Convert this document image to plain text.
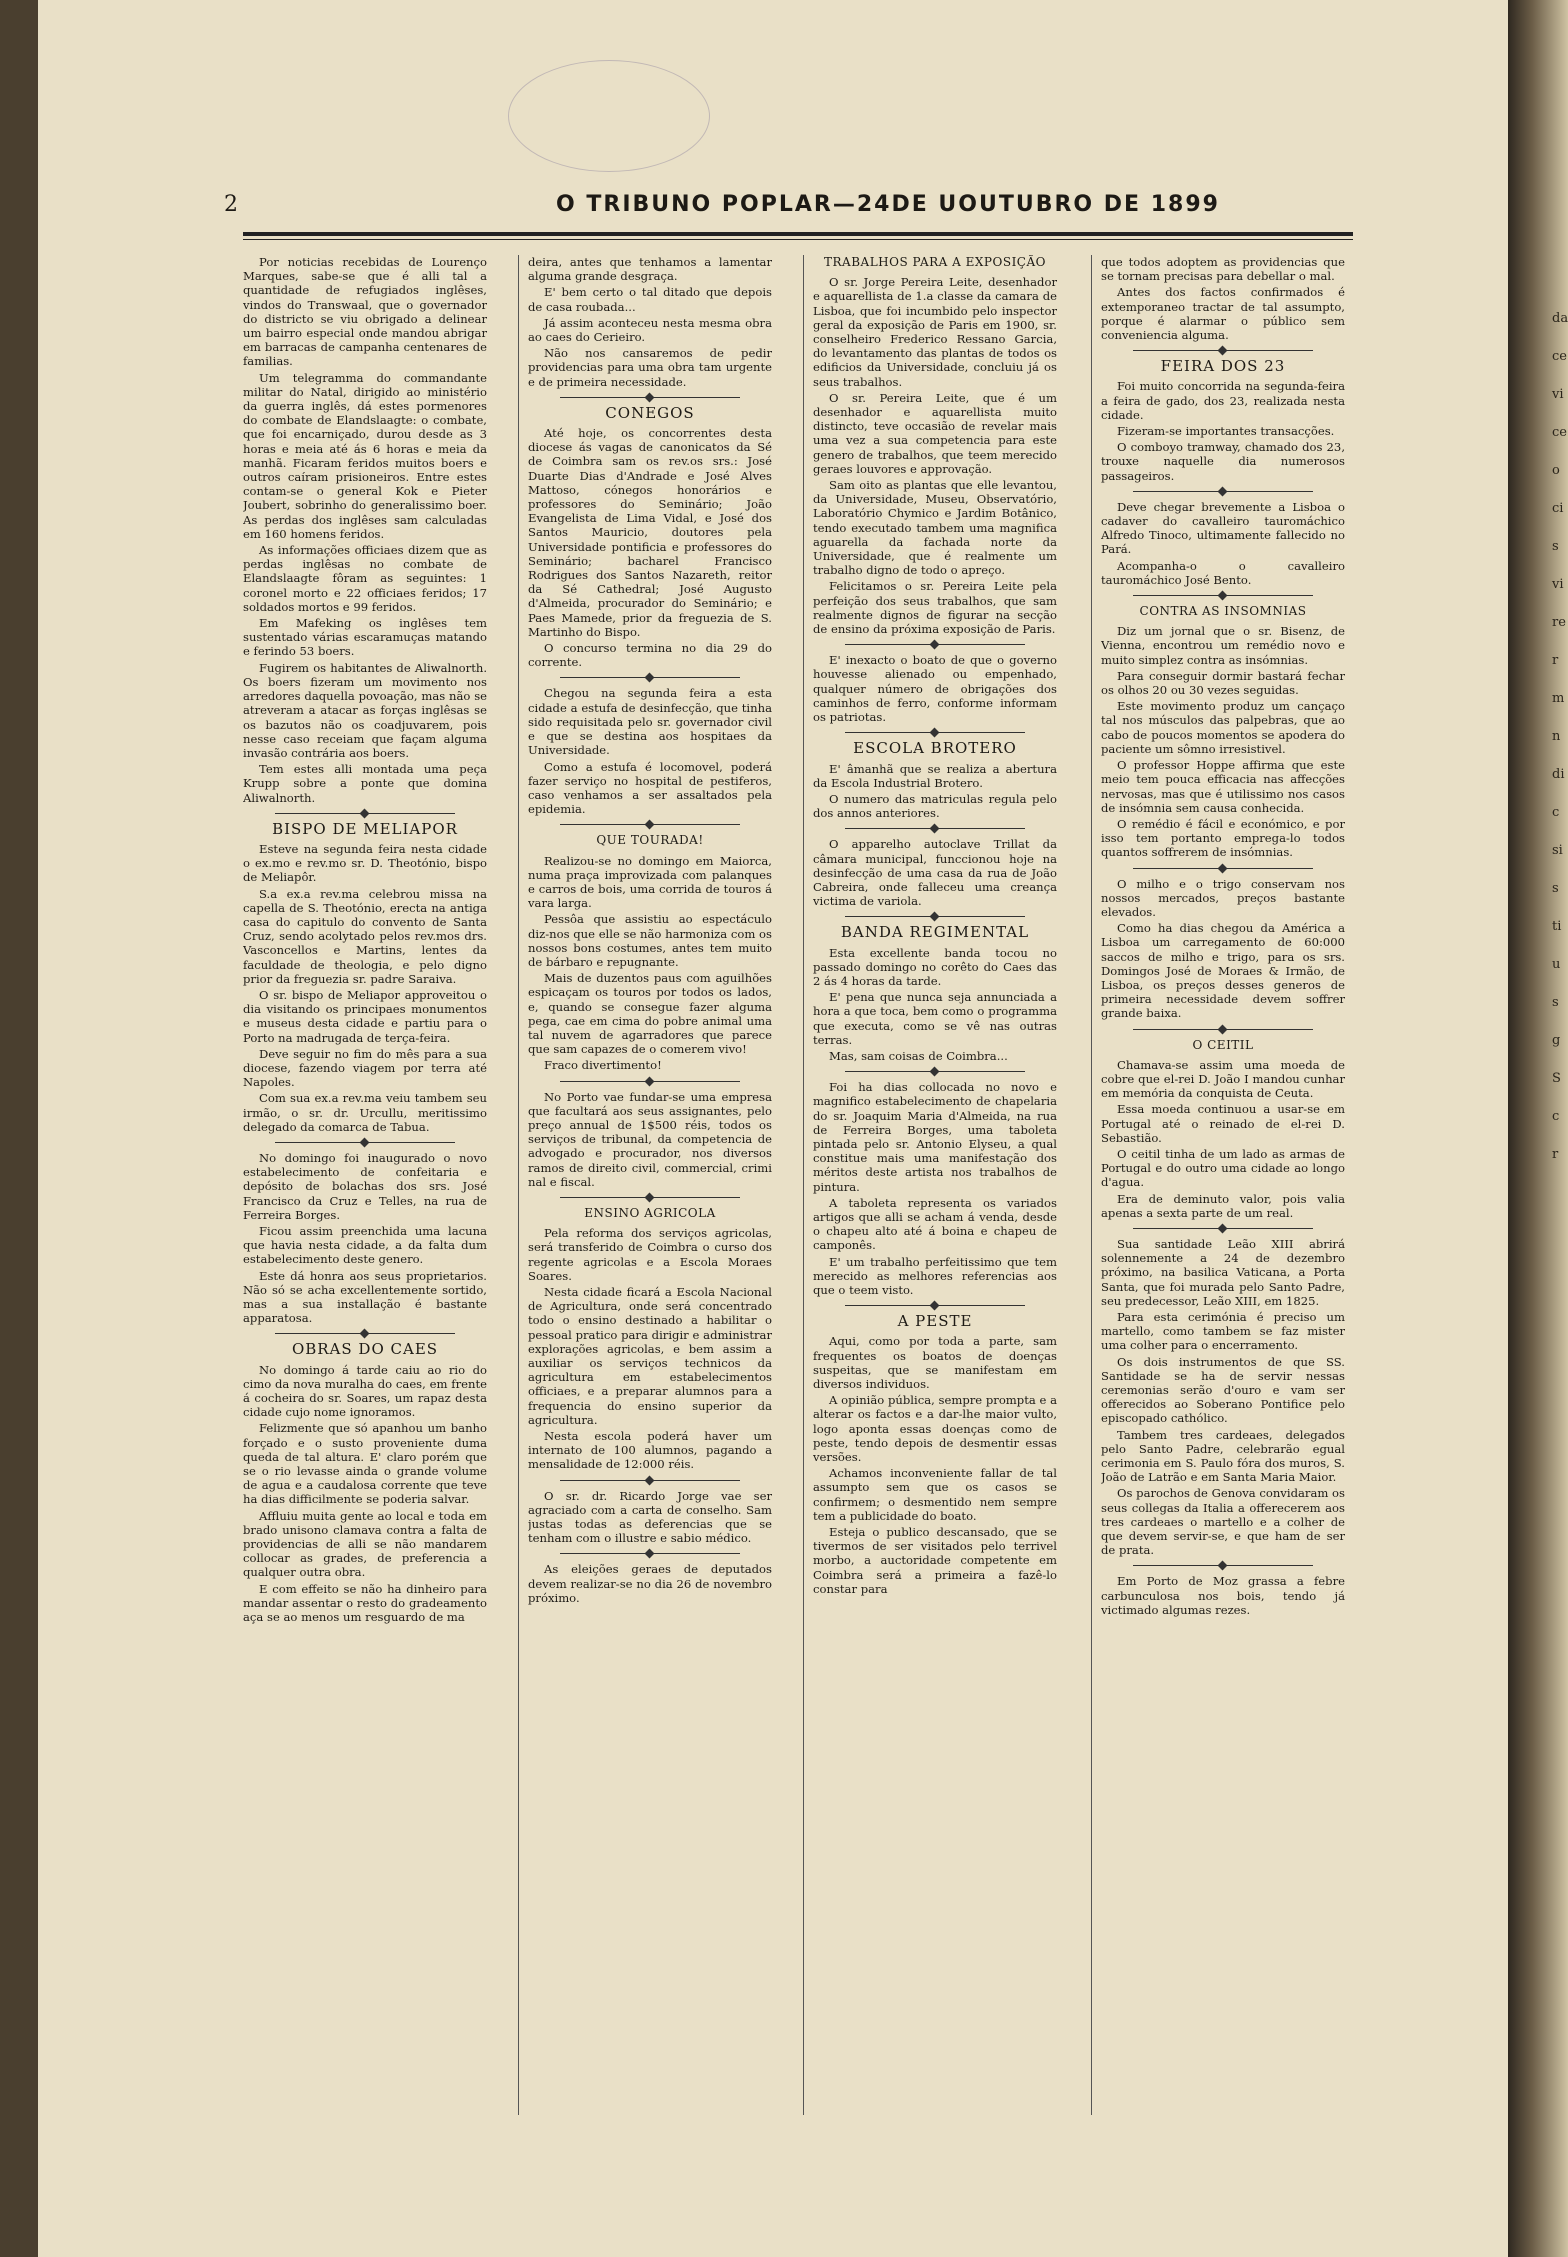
2	O TRIBUNO POPLAR—24DE UOUTUBRO DE 1899

Por noticias recebidas de Lourenço Marques, sabe-se que é alli tal a quantidade de refugiados inglêses, vindos do Transwaal, que o governador do districto se viu obrigado a delinear um bairro especial onde mandou abrigar em barracas de campanha centenares de familias.

Um telegramma do commandante militar do Natal, dirigido ao ministério da guerra inglês, dá estes pormenores do combate de Elandslaagte: o combate, que foi encarniçado, durou desde as 3 horas e meia até ás 6 horas e meia da manhã. Ficaram feridos muitos boers e outros caíram prisioneiros. Entre estes contam-se o general Kok e Pieter Joubert, sobrinho do generalissimo boer. As perdas dos inglêses sam calculadas em 160 homens feridos.

As informações officiaes dizem que as perdas inglêsas no combate de Elandslaagte fôram as seguintes: 1 coronel morto e 22 officiaes feridos; 17 soldados mortos e 99 feridos.

Em Mafeking os inglêses tem sustentado várias escaramuças matando e ferindo 53 boers.

Fugirem os habitantes de Aliwalnorth. Os boers fizeram um movimento nos arredores daquella povoação, mas não se atreveram a atacar as forças inglêsas se os bazutos não os coadjuvarem, pois nesse caso receiam que façam alguma invasão contrária aos boers.

Tem estes alli montada uma peça Krupp sobre a ponte que domina Aliwalnorth.

BISPO DE MELIAPOR

Esteve na segunda feira nesta cidade o ex.mo e rev.mo sr. D. Theotónio, bispo de Meliapôr.

S.a ex.a rev.ma celebrou missa na capella de S. Theotónio, erecta na antiga casa do capitulo do convento de Santa Cruz, sendo acolytado pelos rev.mos drs. Vasconcellos e Martins, lentes da faculdade de theologia, e pelo digno prior da freguezia sr. padre Saraiva.

O sr. bispo de Meliapor approveitou o dia visitando os principaes monumentos e museus desta cidade e partiu para o Porto na madrugada de terça-feira.

Deve seguir no fim do mês para a sua diocese, fazendo viagem por terra até Napoles.

Com sua ex.a rev.ma veiu tambem seu irmão, o sr. dr. Urcullu, meritissimo delegado da comarca de Tabua.

No domingo foi inaugurado o novo estabelecimento de confeitaria e depósito de bolachas dos srs. José Francisco da Cruz e Telles, na rua de Ferreira Borges.

Ficou assim preenchida uma lacuna que havia nesta cidade, a da falta dum estabelecimento deste genero.

Este dá honra aos seus proprietarios. Não só se acha excellentemente sortido, mas a sua installação é bastante apparatosa.

OBRAS DO CAES

No domingo á tarde caiu ao rio do cimo da nova muralha do caes, em frente á cocheira do sr. Soares, um rapaz desta cidade cujo nome ignoramos.

Felizmente que só apanhou um banho forçado e o susto proveniente duma queda de tal altura. E' claro porém que se o rio levasse ainda o grande volume de agua e a caudalosa corrente que teve ha dias difficilmente se poderia salvar.

Affluiu muita gente ao local e toda em brado unisono clamava contra a falta de providencias de alli se não mandarem collocar as grades, de preferencia a qualquer outra obra.

E com effeito se não ha dinheiro para mandar assentar o resto do gradeamento aça se ao menos um resguardo de ma

deira, antes que tenhamos a lamentar alguma grande desgraça.

E' bem certo o tal ditado que depois de casa roubada...

Já assim aconteceu nesta mesma obra ao caes do Cerieiro.

Não nos cansaremos de pedir providencias para uma obra tam urgente e de primeira necessidade.

CONEGOS

Até hoje, os concorrentes desta diocese ás vagas de canonicatos da Sé de Coimbra sam os rev.os srs.: José Duarte Dias d'Andrade e José Alves Mattoso, cónegos honorários e professores do Seminário; João Evangelista de Lima Vidal, e José dos Santos Mauricio, doutores pela Universidade pontificia e professores do Seminário; bacharel Francisco Rodrigues dos Santos Nazareth, reitor da Sé Cathedral; José Augusto d'Almeida, procurador do Seminário; e Paes Mamede, prior da freguezia de S. Martinho do Bispo.

O concurso termina no dia 29 do corrente.

Chegou na segunda feira a esta cidade a estufa de desinfecção, que tinha sido requisitada pelo sr. governador civil e que se destina aos hospitaes da Universidade.

Como a estufa é locomovel, poderá fazer serviço no hospital de pestiferos, caso venhamos a ser assaltados pela epidemia.

QUE TOURADA!

Realizou-se no domingo em Maiorca, numa praça improvizada com palanques e carros de bois, uma corrida de touros á vara larga.

Pessôa que assistiu ao espectáculo diz-nos que elle se não harmoniza com os nossos bons costumes, antes tem muito de bárbaro e repugnante.

Mais de duzentos paus com aguilhões espicaçam os touros por todos os lados, e, quando se consegue fazer alguma pega, cae em cima do pobre animal uma tal nuvem de agarradores que parece que sam capazes de o comerem vivo!

Fraco divertimento!

No Porto vae fundar-se uma empresa que facultará aos seus assignantes, pelo preço annual de 1$500 réis, todos os serviços de tribunal, da competencia de advogado e procurador, nos diversos ramos de direito civil, commercial, crimi nal e fiscal.

ENSINO AGRICOLA

Pela reforma dos serviços agricolas, será transferido de Coimbra o curso dos regente agricolas e a Escola Moraes Soares.

Nesta cidade ficará a Escola Nacional de Agricultura, onde será concentrado todo o ensino destinado a habilitar o pessoal pratico para dirigir e administrar explorações agricolas, e bem assim a auxiliar os serviços technicos da agricultura em estabelecimentos officiaes, e a preparar alumnos para a frequencia do ensino superior da agricultura.

Nesta escola poderá haver um internato de 100 alumnos, pagando a mensalidade de 12:000 réis.

O sr. dr. Ricardo Jorge vae ser agraciado com a carta de conselho. Sam justas todas as deferencias que se tenham com o illustre e sabio médico.

As eleições geraes de deputados devem realizar-se no dia 26 de novembro próximo.

TRABALHOS PARA A EXPOSIÇÃO

O sr. Jorge Pereira Leite, desenhador e aquarellista de 1.a classe da camara de Lisboa, que foi incumbido pelo inspector geral da exposição de Paris em 1900, sr. conselheiro Frederico Ressano Garcia, do levantamento das plantas de todos os edificios da Universidade, concluiu já os seus trabalhos.

O sr. Pereira Leite, que é um desenhador e aquarellista muito distincto, teve occasião de revelar mais uma vez a sua competencia para este genero de trabalhos, que teem merecido geraes louvores e approvação.

Sam oito as plantas que elle levantou, da Universidade, Museu, Observatório, Laboratório Chymico e Jardim Botânico, tendo executado tambem uma magnifica aguarella da fachada norte da Universidade, que é realmente um trabalho digno de todo o apreço.

Felicitamos o sr. Pereira Leite pela perfeição dos seus trabalhos, que sam realmente dignos de figurar na secção de ensino da próxima exposição de Paris.

E' inexacto o boato de que o governo houvesse alienado ou empenhado, qualquer número de obrigações dos caminhos de ferro, conforme informam os patriotas.

ESCOLA BROTERO

E' âmanhã que se realiza a abertura da Escola Industrial Brotero.

O numero das matriculas regula pelo dos annos anteriores.

O apparelho autoclave Trillat da câmara municipal, funccionou hoje na desinfecção de uma casa da rua de João Cabreira, onde falleceu uma creança victima de variola.

BANDA REGIMENTAL

Esta excellente banda tocou no passado domingo no corêto do Caes das 2 ás 4 horas da tarde.

E' pena que nunca seja annunciada a hora a que toca, bem como o programma que executa, como se vê nas outras terras.

Mas, sam coisas de Coimbra...

Foi ha dias collocada no novo e magnifico estabelecimento de chapelaria do sr. Joaquim Maria d'Almeida, na rua de Ferreira Borges, uma taboleta pintada pelo sr. Antonio Elyseu, a qual constitue mais uma manifestação dos méritos deste artista nos trabalhos de pintura.

A taboleta representa os variados artigos que alli se acham á venda, desde o chapeu alto até á boina e chapeu de camponês.

E' um trabalho perfeitissimo que tem merecido as melhores referencias aos que o teem visto.

A PESTE

Aqui, como por toda a parte, sam frequentes os boatos de doenças suspeitas, que se manifestam em diversos individuos.

A opinião pública, sempre prompta e a alterar os factos e a dar-lhe maior vulto, logo aponta essas doenças como de peste, tendo depois de desmentir essas versões.

Achamos inconveniente fallar de tal assumpto sem que os casos se confirmem; o desmentido nem sempre tem a publicidade do boato.

Esteja o publico descansado, que se tivermos de ser visitados pelo terrivel morbo, a auctoridade competente em Coimbra será a primeira a fazê-lo constar para

que todos adoptem as providencias que se tornam precisas para debellar o mal.

Antes dos factos confirmados é extemporaneo tractar de tal assumpto, porque é alarmar o público sem conveniencia alguma.

FEIRA DOS 23

Foi muito concorrida na segunda-feira a feira de gado, dos 23, realizada nesta cidade.

Fizeram-se importantes transacções.

O comboyo tramway, chamado dos 23, trouxe naquelle dia numerosos passageiros.

Deve chegar brevemente a Lisboa o cadaver do cavalleiro tauromáchico Alfredo Tinoco, ultimamente fallecido no Pará.

Acompanha-o o cavalleiro tauromáchico José Bento.

CONTRA AS INSOMNIAS

Diz um jornal que o sr. Bisenz, de Vienna, encontrou um remédio novo e muito simplez contra as insómnias.

Para conseguir dormir bastará fechar os olhos 20 ou 30 vezes seguidas.

Este movimento produz um cançaço tal nos músculos das palpebras, que ao cabo de poucos momentos se apodera do paciente um sômno irresistivel.

O professor Hoppe affirma que este meio tem pouca efficacia nas affecções nervosas, mas que é utilissimo nos casos de insómnia sem causa conhecida.

O remédio é fácil e económico, e por isso tem portanto emprega-lo todos quantos soffrerem de insómnias.

O milho e o trigo conservam nos nossos mercados, preços bastante elevados.

Como ha dias chegou da América a Lisboa um carregamento de 60:000 saccos de milho e trigo, para os srs. Domingos José de Moraes & Irmão, de Lisboa, os preços desses generos de primeira necessidade devem soffrer grande baixa.

O CEITIL

Chamava-se assim uma moeda de cobre que el-rei D. João I mandou cunhar em memória da conquista de Ceuta.

Essa moeda continuou a usar-se em Portugal até o reinado de el-rei D. Sebastião.

O ceitil tinha de um lado as armas de Portugal e do outro uma cidade ao longo d'agua.

Era de deminuto valor, pois valia apenas a sexta parte de um real.

Sua santidade Leão XIII abrirá solennemente a 24 de dezembro próximo, na basilica Vaticana, a Porta Santa, que foi murada pelo Santo Padre, seu predecessor, Leão XIII, em 1825.

Para esta cerimónia é preciso um martello, como tambem se faz mister uma colher para o encerramento.

Os dois instrumentos de que SS. Santidade se ha de servir nessas ceremonias serão d'ouro e vam ser offerecidos ao Soberano Pontifice pelo episcopado cathólico.

Tambem tres cardeaes, delegados pelo Santo Padre, celebrarão egual cerimonia em S. Paulo fóra dos muros, S. João de Latrão e em Santa Maria Maior.

Os parochos de Genova convidaram os seus collegas da Italia a offerecerem aos tres cardeaes o martello e a colher de que devem servir-se, e que ham de ser de prata.

Em Porto de Moz grassa a febre carbunculosa nos bois, tendo já victimado algumas rezes.

da ce vi ce o ci s vi re r m n di c si s ti u s g S c r
